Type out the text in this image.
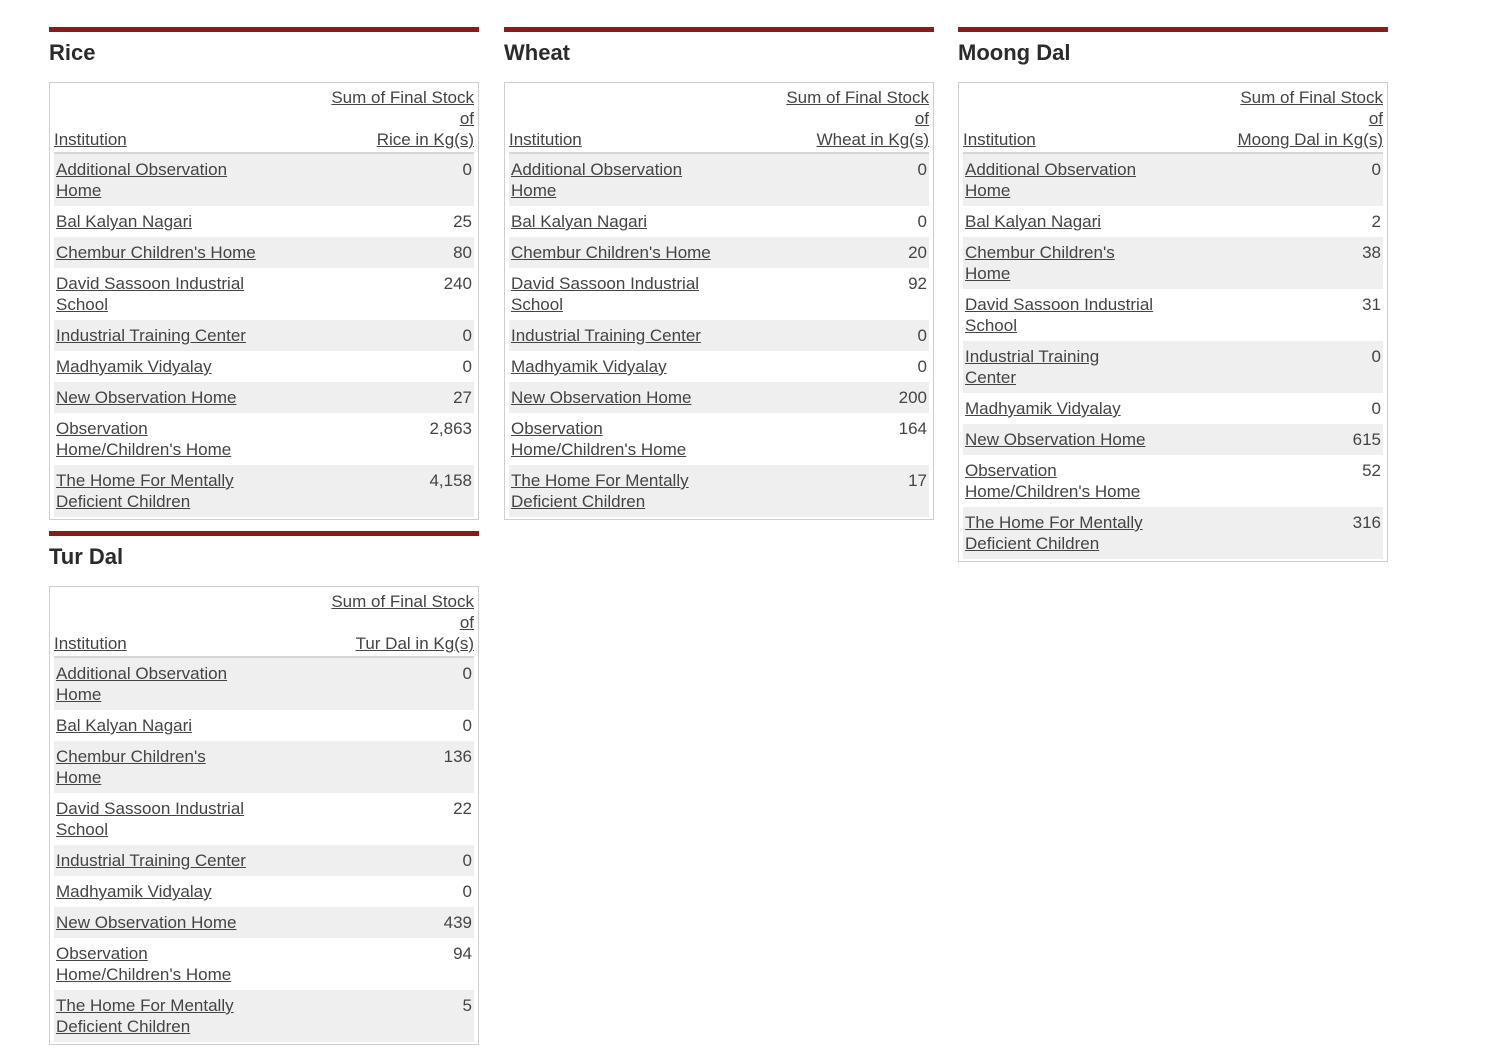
Rice
Institution	Sum of Final Stock of
Rice in Kg(s)
Additional Observation
Home	0
Bal Kalyan Nagari	25
Chembur Children's Home	80
David Sassoon Industrial
School	240
Industrial Training Center	0
Madhyamik Vidyalay	0
New Observation Home	27
Observation
Home/Children's Home	2,863
The Home For Mentally
Deficient Children	4,158
Wheat
Institution	Sum of Final Stock of
Wheat in Kg(s)
Additional Observation
Home	0
Bal Kalyan Nagari	0
Chembur Children's Home	20
David Sassoon Industrial
School	92
Industrial Training Center	0
Madhyamik Vidyalay	0
New Observation Home	200
Observation
Home/Children's Home	164
The Home For Mentally
Deficient Children	17
Moong Dal
Institution	Sum of Final Stock of
Moong Dal in Kg(s)
Additional Observation
Home	0
Bal Kalyan Nagari	2
Chembur Children's
Home	38
David Sassoon Industrial
School	31
Industrial Training
Center	0
Madhyamik Vidyalay	0
New Observation Home	615
Observation
Home/Children's Home	52
The Home For Mentally
Deficient Children	316
Tur Dal
Institution	Sum of Final Stock of
Tur Dal in Kg(s)
Additional Observation
Home	0
Bal Kalyan Nagari	0
Chembur Children's
Home	136
David Sassoon Industrial
School	22
Industrial Training Center	0
Madhyamik Vidyalay	0
New Observation Home	439
Observation
Home/Children's Home	94
The Home For Mentally
Deficient Children	5
